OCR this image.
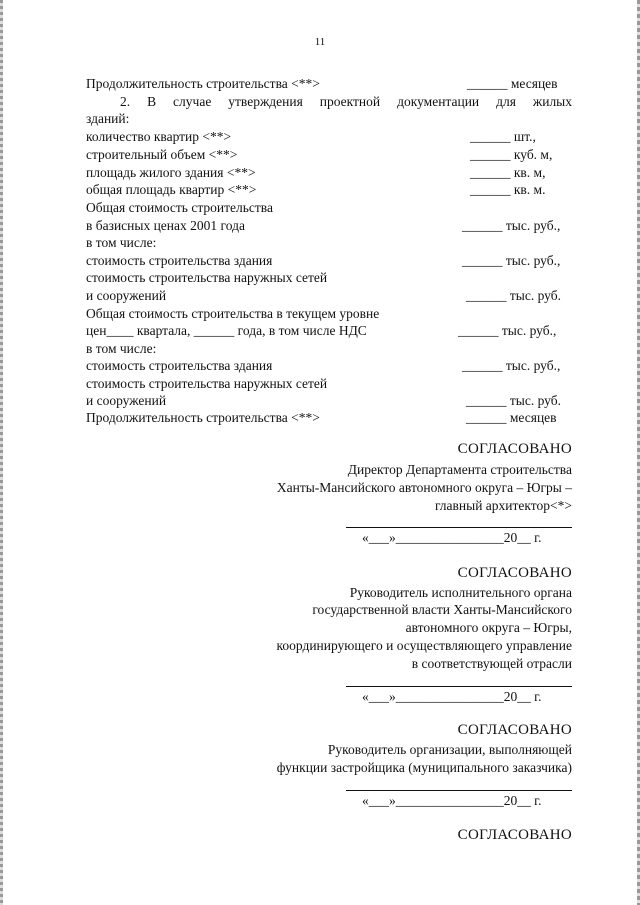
11
Продолжительность строительства <**>	______ месяцев
2. В случае утверждения проектной документации для жилых
зданий:
количество квартир <**>	______ шт.,
строительный объем <**>	______ куб. м,
площадь жилого здания <**>	______ кв. м,
общая площадь квартир <**>	______ кв. м.
Общая стоимость строительства
в базисных ценах 2001 года	______ тыс. руб.,
в том числе:
стоимость строительства здания	______ тыс. руб.,
стоимость строительства наружных сетей
и сооружений	______ тыс. руб.
Общая стоимость строительства в текущем уровне
цен____ квартала, ______ года, в том числе НДС	______ тыс. руб.,
в том числе:
стоимость строительства здания	______ тыс. руб.,
стоимость строительства наружных сетей
и сооружений	______ тыс. руб.
Продолжительность строительства <**>	______ месяцев
СОГЛАСОВАНО
Директор Департамента строительства
Ханты-Мансийского автономного округа – Югры –
главный архитектор<*>
«___»________________20__ г.
СОГЛАСОВАНО
Руководитель исполнительного органа
государственной власти Ханты-Мансийского
автономного округа – Югры,
координирующего и осуществляющего управление
в соответствующей отрасли
«___»________________20__ г.
СОГЛАСОВАНО
Руководитель организации, выполняющей
функции застройщика (муниципального заказчика)
«___»________________20__ г.
СОГЛАСОВАНО
